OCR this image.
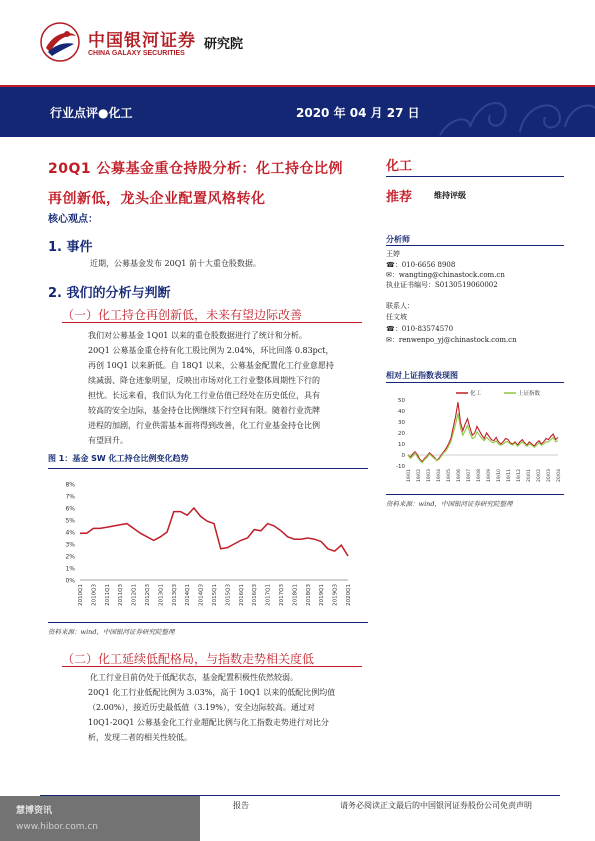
中国银河证券
CHINA GALAXY SECURITIES
研究院
行业点评●化工	2020 年 04 月 27 日
20Q1 公募基金重仓持股分析：化工持仓比例
再创新低，龙头企业配置风格转化
核心观点：
1. 事件
近期，公募基金发布 20Q1 前十大重仓股数据。
2. 我们的分析与判断
（一）化工持仓再创新低，未来有望边际改善
我们对公募基金 1Q01 以来的重仓股数据进行了统计和分析。
20Q1 公募基金重仓持有化工股比例为 2.04%，环比回落 0.83pct，
再创 10Q1 以来新低。自 18Q1 以来，公募基金配置化工行业意愿持
续减弱、降仓迹象明显，反映出市场对化工行业整体周期性下行的
担忧。长远来看，我们认为化工行业估值已经处在历史低位，具有
较高的安全边际，基金持仓比例继续下行空间有限。随着行业洗牌
进程的加剧，行业供需基本面将得到改善，化工行业基金持仓比例
有望回升。
图 1：基金 SW 化工持仓比例变化趋势
0%
1%
2%
3%
4%
5%
6%
7%
8%
2010Q1 2010Q3 2011Q1 2011Q3 2012Q1 2012Q3 2013Q1 2013Q3 2014Q1 2014Q3 2015Q1 2015Q3 2016Q1 2016Q3 2017Q1 2017Q3 2018Q1 2018Q3 2019Q1 2019Q3 2020Q1
资料来源：wind，中国银河证券研究院整理
（二）化工延续低配格局，与指数走势相关度低
化工行业目前仍处于低配状态，基金配置积极性依然较弱。
20Q1 化工行业低配比例为 3.03%，高于 10Q1 以来的低配比例均值
（2.00%），接近历史最低值（3.19%），安全边际较高。通过对
10Q1-20Q1 公募基金化工行业超配比例与化工指数走势进行对比分
析，发现二者的相关性较低。
化工
推荐	维持评级
分析师
王婷
☎：010-6656 8908
✉：wangting@chinastock.com.cn
执业证书编号：S0130519060002
联系人：
任文坡
☎：010-83574570
✉：renwenpo_yj@chinastock.com.cn
相对上证指数表现图
-10
0
10
20
30
40
50
化工	上证指数
19/01 19/02 19/03 19/04 19/05 19/06 19/07 19/08 19/09 19/10 19/11 19/12 20/01 20/02 20/03 20/04
资料来源：wind，中国银河证券研究院整理
报告	请务必阅读正文最后的中国银河证券股份公司免责声明
慧博资讯
www.hibor.com.cn
